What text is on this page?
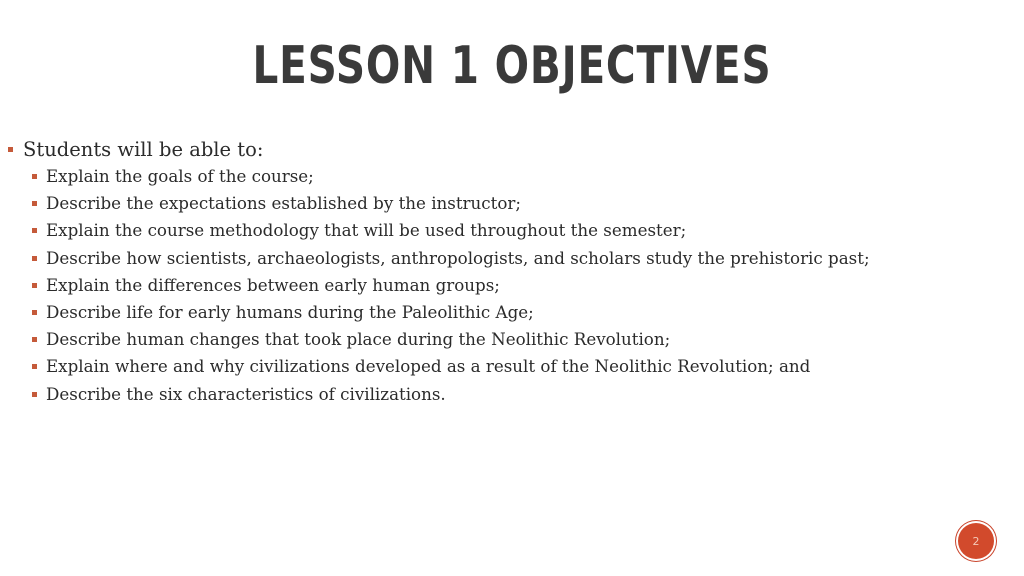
LESSON 1 OBJECTIVES
Students will be able to:
Explain the goals of the course;
Describe the expectations established by the instructor;
Explain the course methodology that will be used throughout the semester;
Describe how scientists, archaeologists, anthropologists, and scholars study the prehistoric past;
Explain the differences between early human groups;
Describe life for early humans during the Paleolithic Age;
Describe human changes that took place during the Neolithic Revolution;
Explain where and why civilizations developed as a result of the Neolithic Revolution; and
Describe the six characteristics of civilizations.
2
